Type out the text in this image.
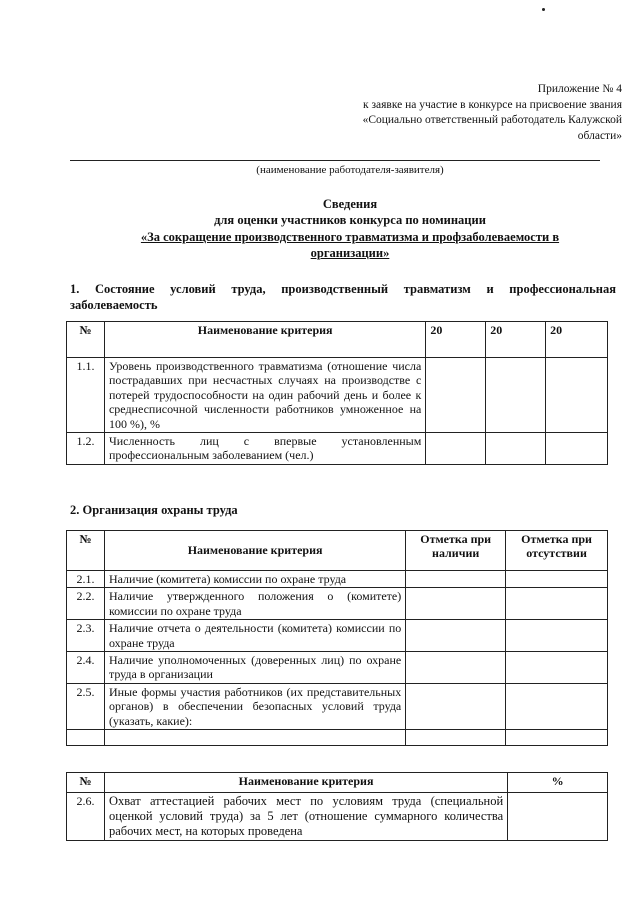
Приложение № 4
к заявке на участие в конкурсе на присвоение звания
«Социально ответственный работодатель Калужской
области»
(наименование работодателя-заявителя)
Сведения
для оценки участников конкурса по номинации
«За сокращение производственного травматизма и профзаболеваемости в
организации»
1. Состояние условий труда, производственный травматизм и профессиональная заболеваемость
№	Наименование критерия	20	20	20
1.1.	Уровень производственного травматизма (отношение числа пострадавших при несчастных случаях на производстве с потерей трудоспособности на один рабочий день и более к среднесписочной численности работников умноженное на 100 %), %			
1.2.	Численность лиц с впервые установленным профессиональным заболеванием (чел.)			
2. Организация охраны труда
№	Наименование критерия	Отметка при наличии	Отметка при отсутствии
2.1.	Наличие (комитета) комиссии по охране труда		
2.2.	Наличие утвержденного положения о (комитете) комиссии по охране труда		
2.3.	Наличие отчета о деятельности (комитета) комиссии по охране труда		
2.4.	Наличие уполномоченных (доверенных лиц) по охране труда в организации		
2.5.	Иные формы участия работников (их представительных органов) в обеспечении безопасных условий труда (указать, какие):		

№	Наименование критерия	%
2.6.	Охват аттестацией рабочих мест по условиям труда (специальной оценкой условий труда) за 5 лет (отношение суммарного количества рабочих мест, на которых проведена	
